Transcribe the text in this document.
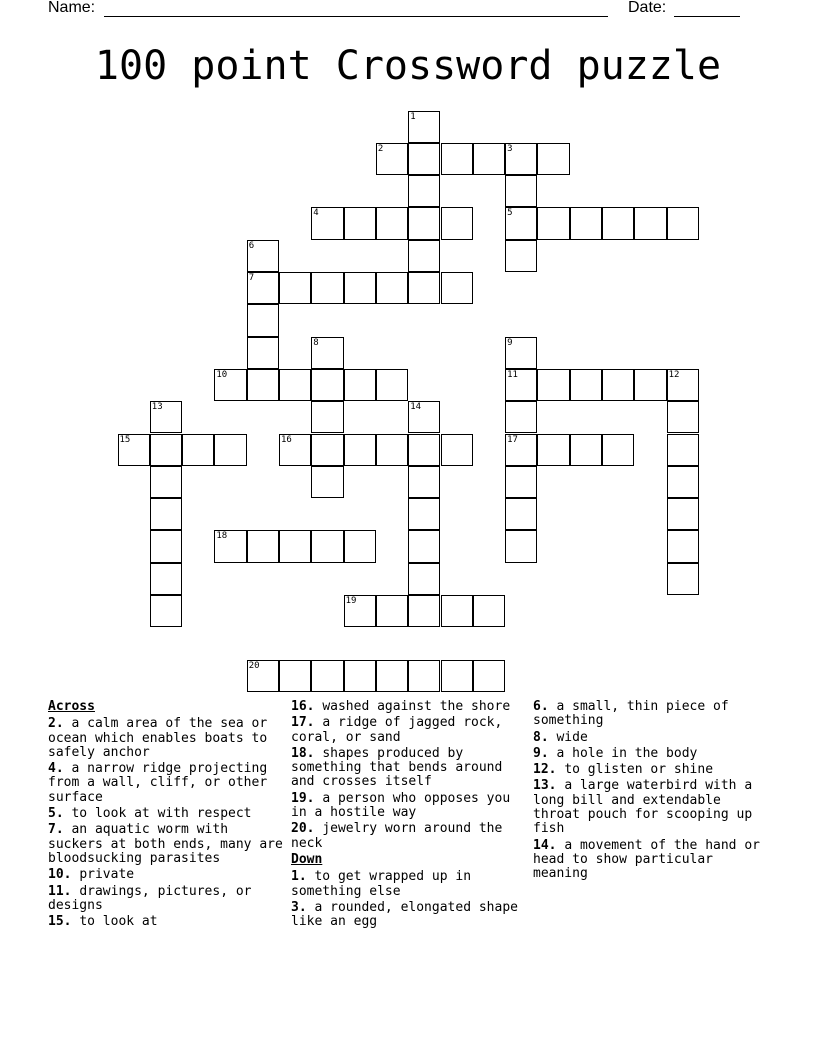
Name:	Date:
100 point Crossword puzzle
1
2	3
5
4
6
7
8	9
11
17
10	12
13	14
15	16
18
19
20
Across
2. a calm area of the sea or ocean which enables boats to safely anchor
4. a narrow ridge projecting from a wall, cliff, or other surface
5. to look at with respect
7. an aquatic worm with suckers at both ends, many are bloodsucking parasites
10. private
11. drawings, pictures, or designs
15. to look at
16. washed against the shore
17. a ridge of jagged rock, coral, or sand
18. shapes produced by something that bends around and crosses itself
19. a person who opposes you in a hostile way
20. jewelry worn around the neck
Down
1. to get wrapped up in something else
3. a rounded, elongated shape like an egg
6. a small, thin piece of something
8. wide
9. a hole in the body
12. to glisten or shine
13. a large waterbird with a long bill and extendable throat pouch for scooping up fish
14. a movement of the hand or head to show particular meaning
